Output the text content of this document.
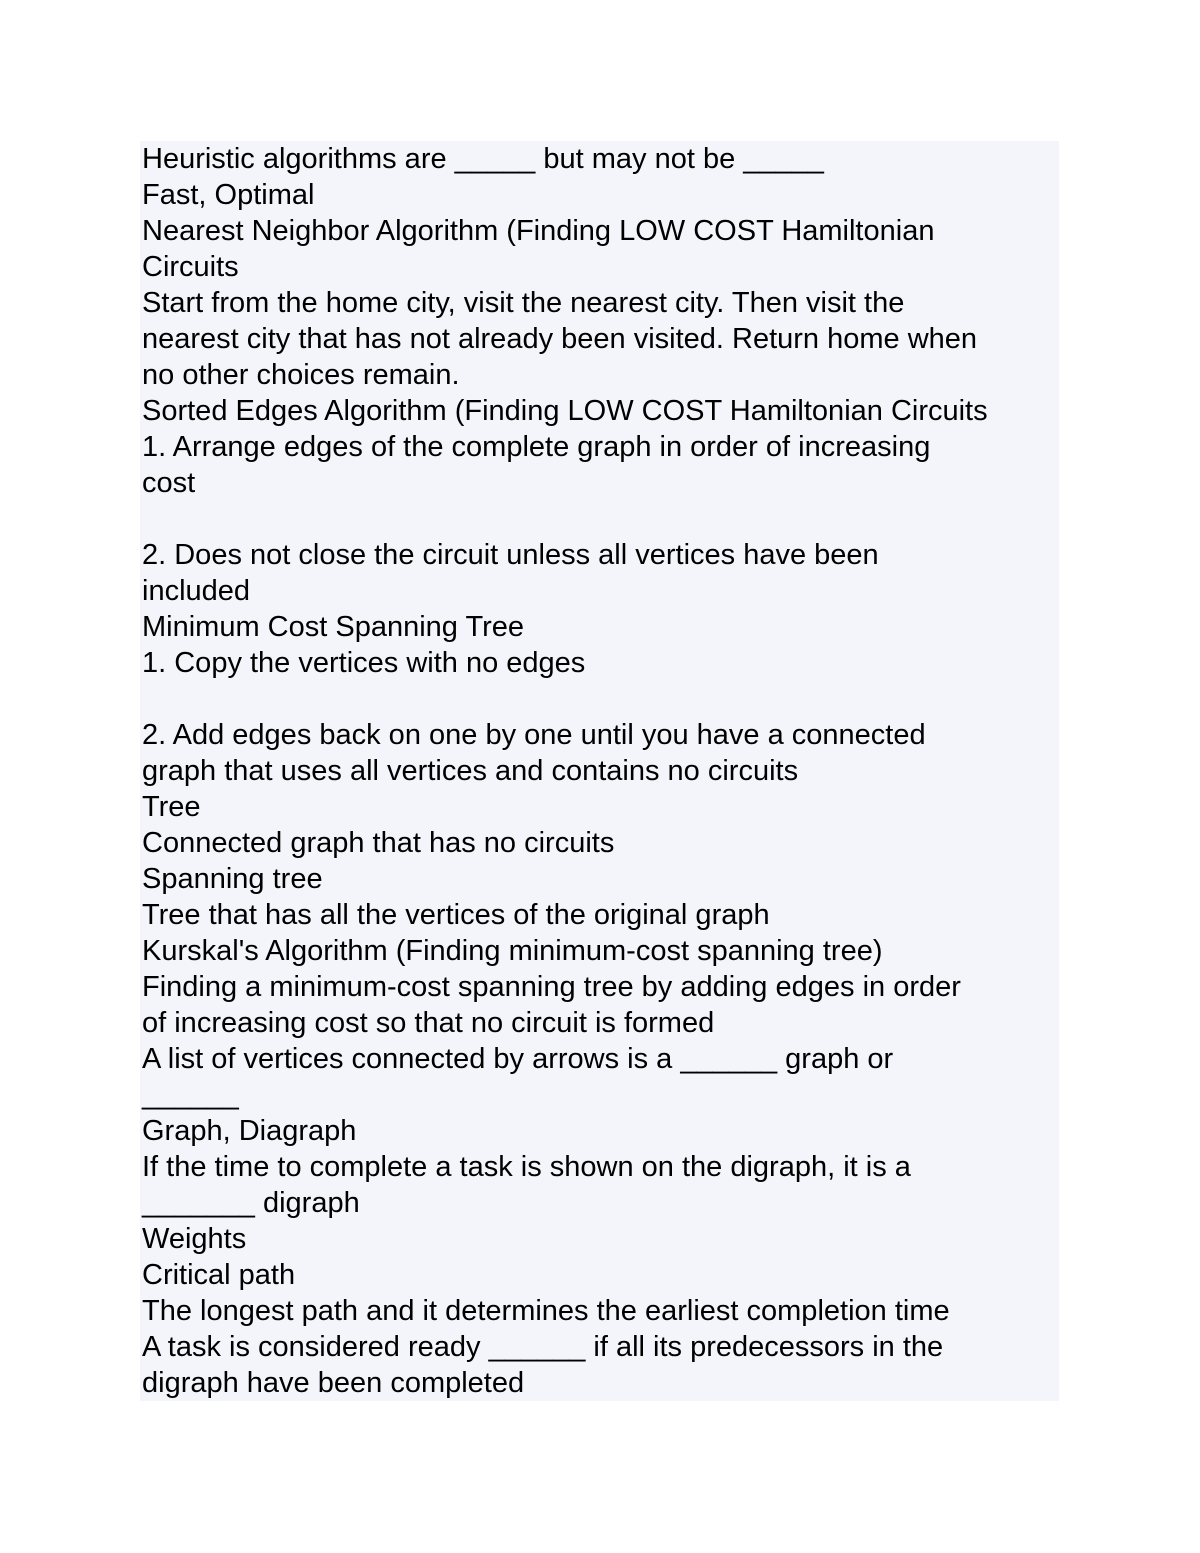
Heuristic algorithms are _____ but may not be _____
Fast, Optimal
Nearest Neighbor Algorithm (Finding LOW COST Hamiltonian
Circuits
Start from the home city, visit the nearest city. Then visit the
nearest city that has not already been visited. Return home when
no other choices remain.
Sorted Edges Algorithm (Finding LOW COST Hamiltonian Circuits
1. Arrange edges of the complete graph in order of increasing
cost
2. Does not close the circuit unless all vertices have been
included
Minimum Cost Spanning Tree
1. Copy the vertices with no edges
2. Add edges back on one by one until you have a connected
graph that uses all vertices and contains no circuits
Tree
Connected graph that has no circuits
Spanning tree
Tree that has all the vertices of the original graph
Kurskal's Algorithm (Finding minimum-cost spanning tree)
Finding a minimum-cost spanning tree by adding edges in order
of increasing cost so that no circuit is formed
A list of vertices connected by arrows is a ______ graph or
______
Graph, Diagraph
If the time to complete a task is shown on the digraph, it is a
_______ digraph
Weights
Critical path
The longest path and it determines the earliest completion time
A task is considered ready ______ if all its predecessors in the
digraph have been completed
